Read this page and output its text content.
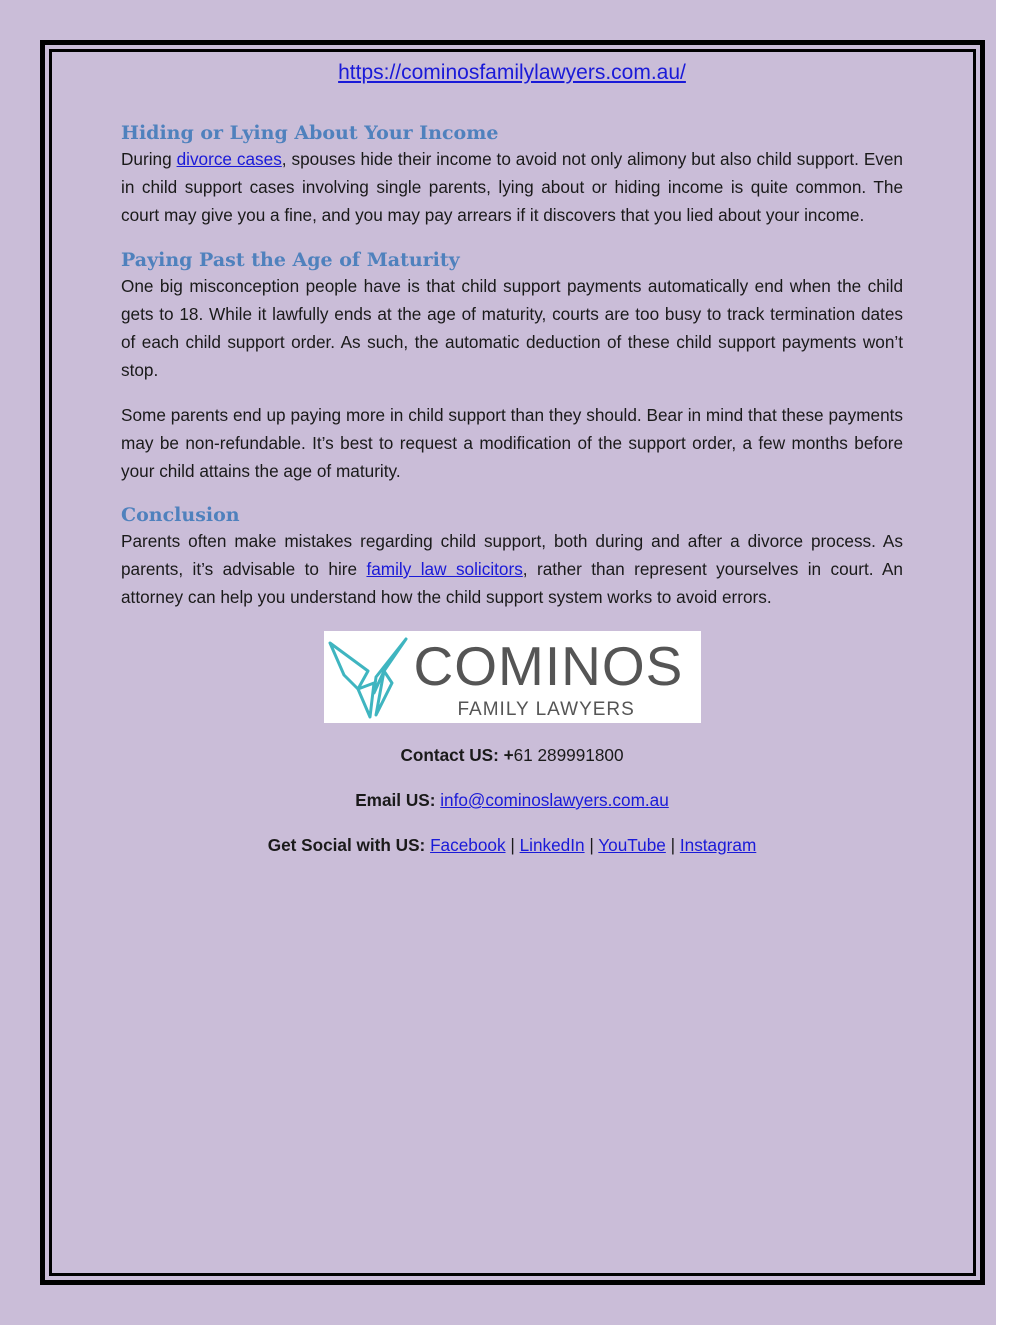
https://cominosfamilylawyers.com.au/

Hiding or Lying About Your Income

During divorce cases, spouses hide their income to avoid not only alimony but also child support. Even in child support cases involving single parents, lying about or hiding income is quite common. The court may give you a fine, and you may pay arrears if it discovers that you lied about your income.

Paying Past the Age of Maturity

One big misconception people have is that child support payments automatically end when the child gets to 18. While it lawfully ends at the age of maturity, courts are too busy to track termination dates of each child support order. As such, the automatic deduction of these child support payments won’t stop.

Some parents end up paying more in child support than they should. Bear in mind that these payments may be non-refundable. It’s best to request a modification of the support order, a few months before your child attains the age of maturity.

Conclusion

Parents often make mistakes regarding child support, both during and after a divorce process. As parents, it’s advisable to hire family law solicitors, rather than represent yourselves in court. An attorney can help you understand how the child support system works to avoid errors.

COMINOS
FAMILY LAWYERS
Contact US: +61 289991800
Email US: info@cominoslawyers.com.au
Get Social with US: Facebook | LinkedIn | YouTube | Instagram
